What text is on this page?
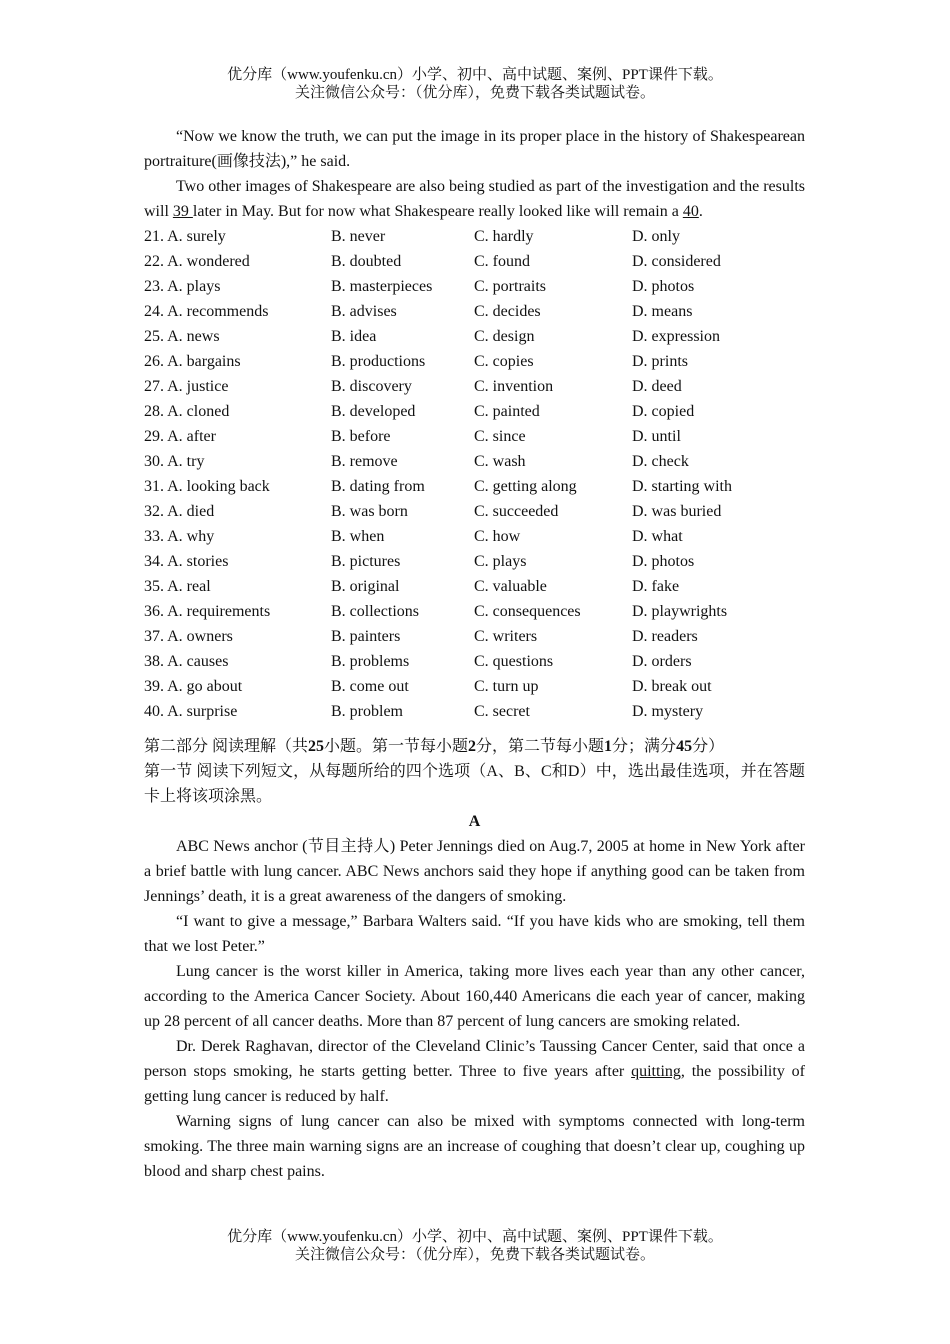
优分库（www.youfenku.cn）小学、初中、高中试题、案例、PPT课件下载。
关注微信公众号：（优分库），免费下载各类试题试卷。

“Now we know the truth, we can put the image in its proper place in the history of Shakespearean portraiture(画像技法),” he said.

Two other images of Shakespeare are also being studied as part of the investigation and the results will 39 later in May. But for now what Shakespeare really looked like will remain a 40.

21. A. surely	B. never	C. hardly	D. only
22. A. wondered	B. doubted	C. found	D. considered
23. A. plays	B. masterpieces	C. portraits	D. photos
24. A. recommends	B. advises	C. decides	D. means
25. A. news	B. idea	C. design	D. expression
26. A. bargains	B. productions	C. copies	D. prints
27. A. justice	B. discovery	C. invention	D. deed
28. A. cloned	B. developed	C. painted	D. copied
29. A. after	B. before	C. since	D. until
30. A. try	B. remove	C. wash	D. check
31. A. looking back	B. dating from	C. getting along	D. starting with
32. A. died	B. was born	C. succeeded	D. was buried
33. A. why	B. when	C. how	D. what
34. A. stories	B. pictures	C. plays	D. photos
35. A. real	B. original	C. valuable	D. fake
36. A. requirements	B. collections	C. consequences	D. playwrights
37. A. owners	B. painters	C. writers	D. readers
38. A. causes	B. problems	C. questions	D. orders
39. A. go about	B. come out	C. turn up	D. break out
40. A. surprise	B. problem	C. secret	D. mystery

第二部分 阅读理解（共25小题。第一节每小题2分，第二节每小题1分；满分45分）

第一节 阅读下列短文，从每题所给的四个选项（A、B、C和D）中，选出最佳选项，并在答题卡上将该项涂黑。

A

ABC News anchor (节目主持人) Peter Jennings died on Aug.7, 2005 at home in New York after a brief battle with lung cancer. ABC News anchors said they hope if anything good can be taken from Jennings’ death, it is a great awareness of the dangers of smoking.

“I want to give a message,” Barbara Walters said. “If you have kids who are smoking, tell them that we lost Peter.”

Lung cancer is the worst killer in America, taking more lives each year than any other cancer, according to the America Cancer Society. About 160,440 Americans die each year of cancer, making up 28 percent of all cancer deaths. More than 87 percent of lung cancers are smoking related.

Dr. Derek Raghavan, director of the Cleveland Clinic’s Taussing Cancer Center, said that once a person stops smoking, he starts getting better. Three to five years after quitting, the possibility of getting lung cancer is reduced by half.

Warning signs of lung cancer can also be mixed with symptoms connected with long-term smoking. The three main warning signs are an increase of coughing that doesn’t clear up, coughing up blood and sharp chest pains.

优分库（www.youfenku.cn）小学、初中、高中试题、案例、PPT课件下载。
关注微信公众号：（优分库），免费下载各类试题试卷。
